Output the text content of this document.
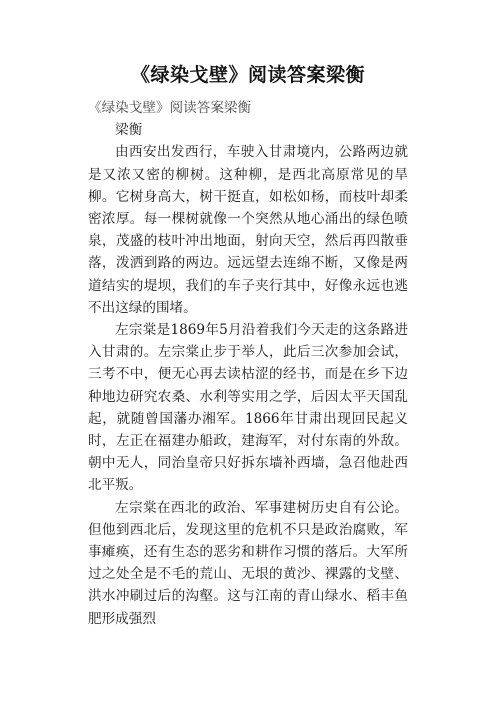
《绿染戈壁》阅读答案梁衡

《绿染戈壁》阅读答案梁衡

梁衡

由西安出发西行，车驶入甘肃境内，公路两边就是又浓又密的柳树。这种柳，是西北高原常见的旱柳。它树身高大，树干挺直，如松如杨，而枝叶却柔密浓厚。每一棵树就像一个突然从地心涌出的绿色喷泉，茂盛的枝叶冲出地面，射向天空，然后再四散垂落，泼洒到路的两边。远远望去连绵不断，又像是两道结实的堤坝，我们的车子夹行其中，好像永远也逃不出这绿的围堵。

左宗棠是1869年5月沿着我们今天走的这条路进入甘肃的。左宗棠止步于举人，此后三次参加会试，三考不中，便无心再去读枯涩的经书，而是在乡下边种地边研究农桑、水利等实用之学，后因太平天国乱起，就随曾国藩办湘军。1866年甘肃出现回民起义时，左正在福建办船政，建海军，对付东南的外敌。朝中无人，同治皇帝只好拆东墙补西墙，急召他赴西北平叛。

左宗棠在西北的政治、军事建树历史自有公论。但他到西北后，发现这里的危机不只是政治腐败，军事瘫痪，还有生态的恶劣和耕作习惯的落后。大军所过之处全是不毛的荒山、无垠的黄沙、裸露的戈壁、洪水冲刷过后的沟壑。这与江南的青山绿水、稻丰鱼肥形成强烈
